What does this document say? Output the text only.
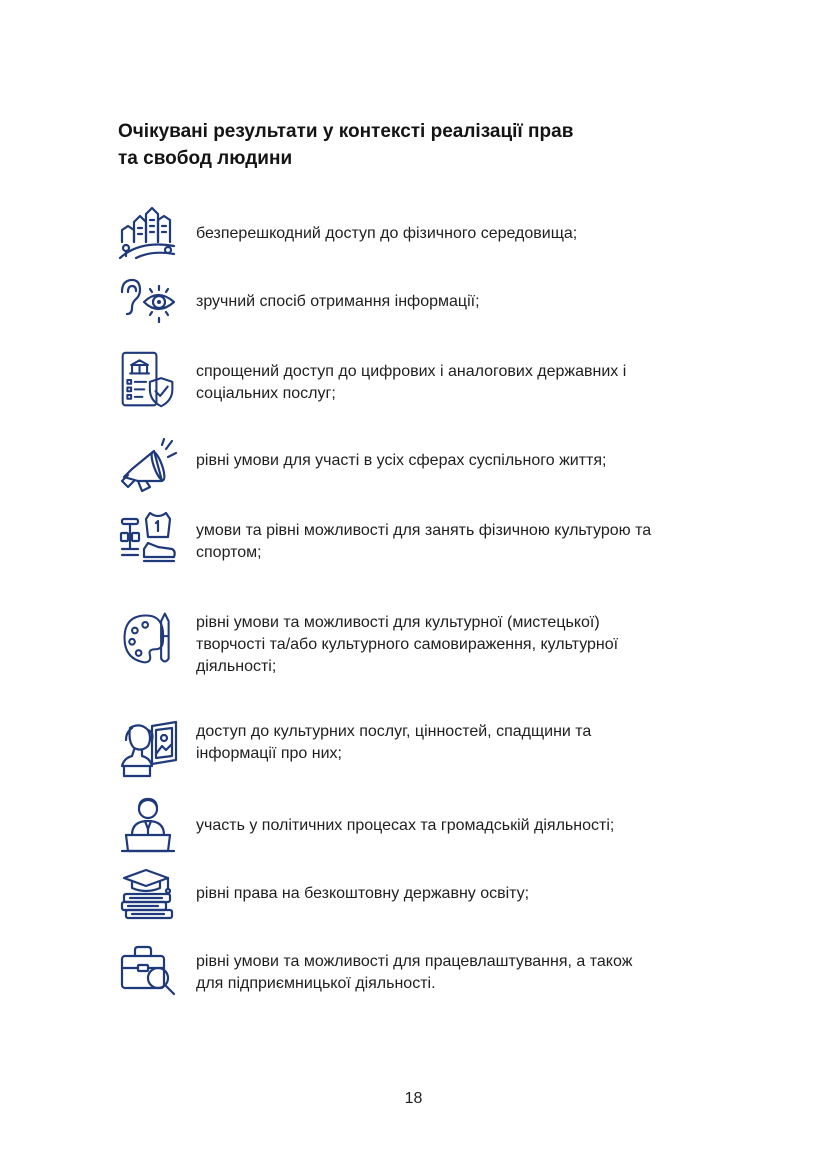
Очікувані результати у контексті реалізації прав
та свобод людини
безперешкодний доступ до фізичного середовища;
зручний спосіб отримання інформації;
спрощений доступ до цифрових і аналогових державних і
соціальних послуг;
рівні умови для участі в усіх сферах суспільного життя;
умови та рівні можливості для занять фізичною культурою та
спортом;
рівні умови та можливості для культурної (мистецької)
творчості та/або культурного самовираження, культурної
діяльності;
доступ до культурних послуг, цінностей, спадщини та
інформації про них;
участь у політичних процесах та громадській діяльності;
рівні права на безкоштовну державну освіту;
рівні умови та можливості для працевлаштування, а також
для підприємницької діяльності.
18
